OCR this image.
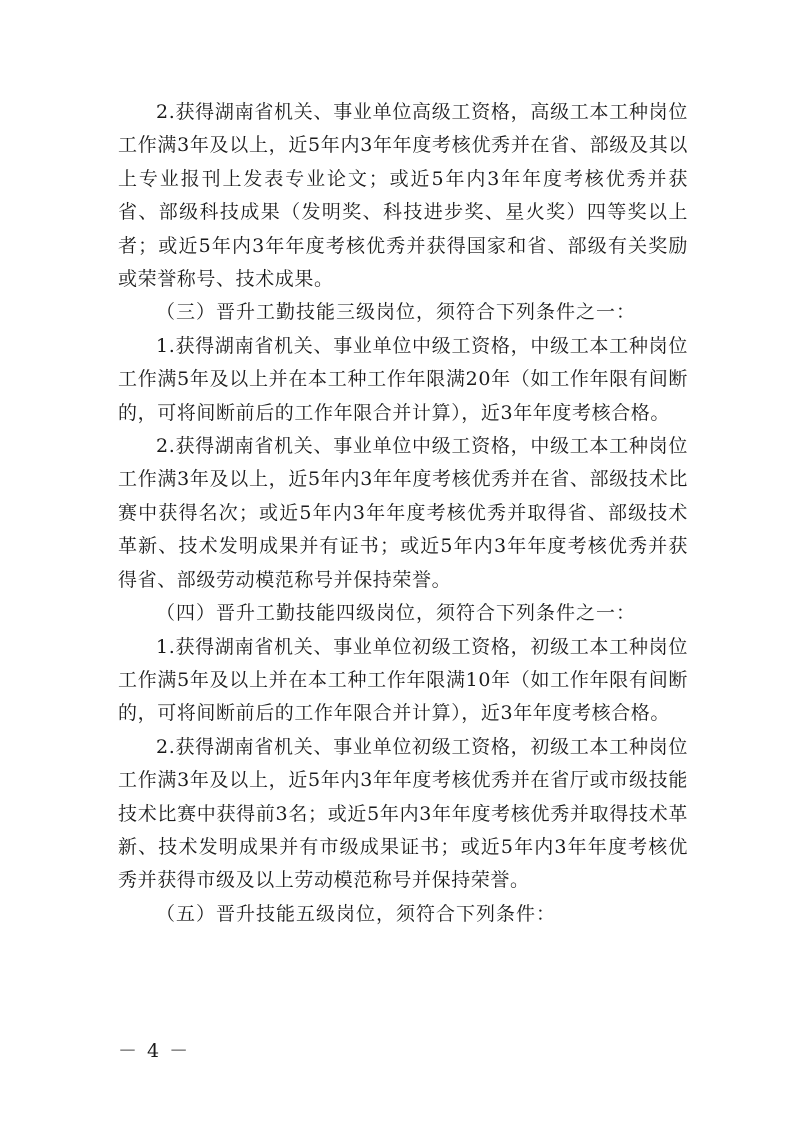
2.获得湖南省机关、事业单位高级工资格，高级工本工种岗位工作满3年及以上，近5年内3年年度考核优秀并在省、部级及其以上专业报刊上发表专业论文；或近5年内3年年度考核优秀并获省、部级科技成果（发明奖、科技进步奖、星火奖）四等奖以上者；或近5年内3年年度考核优秀并获得国家和省、部级有关奖励或荣誉称号、技术成果。

（三）晋升工勤技能三级岗位，须符合下列条件之一：

1.获得湖南省机关、事业单位中级工资格，中级工本工种岗位工作满5年及以上并在本工种工作年限满20年（如工作年限有间断的，可将间断前后的工作年限合并计算），近3年年度考核合格。

2.获得湖南省机关、事业单位中级工资格，中级工本工种岗位工作满3年及以上，近5年内3年年度考核优秀并在省、部级技术比赛中获得名次；或近5年内3年年度考核优秀并取得省、部级技术革新、技术发明成果并有证书；或近5年内3年年度考核优秀并获得省、部级劳动模范称号并保持荣誉。

（四）晋升工勤技能四级岗位，须符合下列条件之一：

1.获得湖南省机关、事业单位初级工资格，初级工本工种岗位工作满5年及以上并在本工种工作年限满10年（如工作年限有间断的，可将间断前后的工作年限合并计算），近3年年度考核合格。

2.获得湖南省机关、事业单位初级工资格，初级工本工种岗位工作满3年及以上，近5年内3年年度考核优秀并在省厅或市级技能技术比赛中获得前3名；或近5年内3年年度考核优秀并取得技术革新、技术发明成果并有市级成果证书；或近5年内3年年度考核优秀并获得市级及以上劳动模范称号并保持荣誉。

（五）晋升技能五级岗位，须符合下列条件：

－ 4 －
